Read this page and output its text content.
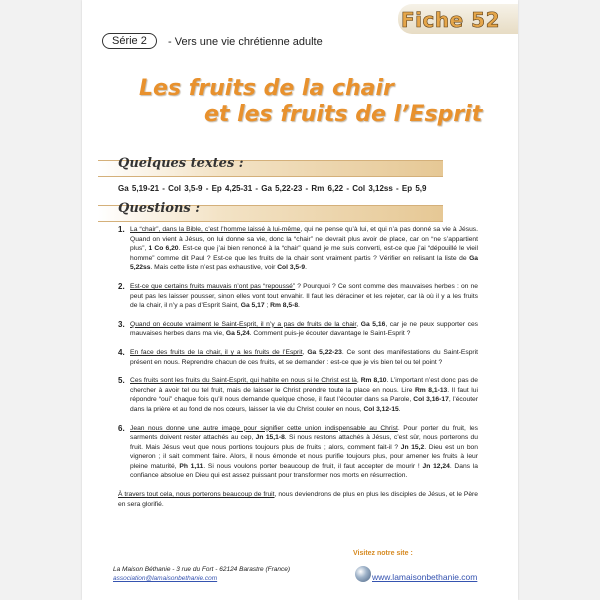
Fiche 52
Série 2	- Vers une vie chrétienne adulte
Les fruits de la chair
et les fruits de l’Esprit
Quelques textes :
Ga 5,19-21 - Col 3,5-9 - Ep 4,25-31 - Ga 5,22-23 - Rm 6,22 - Col 3,12ss - Ep 5,9
Questions :
1. La “chair”, dans la Bible, c’est l’homme laissé à lui-même, qui ne pense qu’à lui, et qui n’a pas donné sa vie à Jésus. Quand on vient à Jésus, on lui donne sa vie, donc la “chair” ne devrait plus avoir de place, car on “ne s’appartient plus”, 1 Co 6,20. Est-ce que j’ai bien renoncé à la “chair” quand je me suis converti, est-ce que j’ai “dépouillé le vieil homme” comme dit Paul ? Est-ce que les fruits de la chair sont vraiment partis ? Vérifier en relisant la liste de Ga 5,22ss. Mais cette liste n’est pas exhaustive, voir Col 3,5-9.
2. Est-ce que certains fruits mauvais n’ont pas “repoussé” ? Pourquoi ? Ce sont comme des mauvaises herbes : on ne peut pas les laisser pousser, sinon elles vont tout envahir. Il faut les déraciner et les rejeter, car là où il y a les fruits de la chair, il n’y a pas d’Esprit Saint, Ga 5,17 ; Rm 8,5-8.
3. Quand on écoute vraiment le Saint-Esprit, il n’y a pas de fruits de la chair, Ga 5,16, car je ne peux supporter ces mauvaises herbes dans ma vie, Ga 5,24. Comment puis-je écouter davantage le Saint-Esprit ?
4. En face des fruits de la chair, il y a les fruits de l’Esprit, Ga 5,22-23. Ce sont des manifestations du Saint-Esprit présent en nous. Reprendre chacun de ces fruits, et se demander : est-ce que je vis bien tel ou tel point ?
5. Ces fruits sont les fruits du Saint-Esprit, qui habite en nous si le Christ est là, Rm 8,10. L’important n’est donc pas de chercher à avoir tel ou tel fruit, mais de laisser le Christ prendre toute la place en nous. Lire Rm 8,1-13. Il faut lui répondre “oui” chaque fois qu’il nous demande quelque chose, il faut l’écouter dans sa Parole, Col 3,16-17, l’écouter dans la prière et au fond de nos cœurs, laisser la vie du Christ couler en nous, Col 3,12-15.
6. Jean nous donne une autre image pour signifier cette union indispensable au Christ. Pour porter du fruit, les sarments doivent rester attachés au cep, Jn 15,1-8. Si nous restons attachés à Jésus, c’est sûr, nous porterons du fruit. Mais Jésus veut que nous portions toujours plus de fruits ; alors, comment fait-il ? Jn 15,2. Dieu est un bon vigneron ; il sait comment faire. Alors, il nous émonde et nous purifie toujours plus, pour amener les fruits à leur pleine maturité, Ph 1,11. Si nous voulons porter beaucoup de fruit, il faut accepter de mourir ! Jn 12,24. Dans la confiance absolue en Dieu qui est assez puissant pour transformer nos morts en résurrection.
À travers tout cela, nous porterons beaucoup de fruit, nous deviendrons de plus en plus les disciples de Jésus, et le Père en sera glorifié.
La Maison Béthanie - 3 rue du Fort - 62124 Barastre (France)
association@lamaisonbethanie.com
Visitez notre site :
www.lamaisonbethanie.com
